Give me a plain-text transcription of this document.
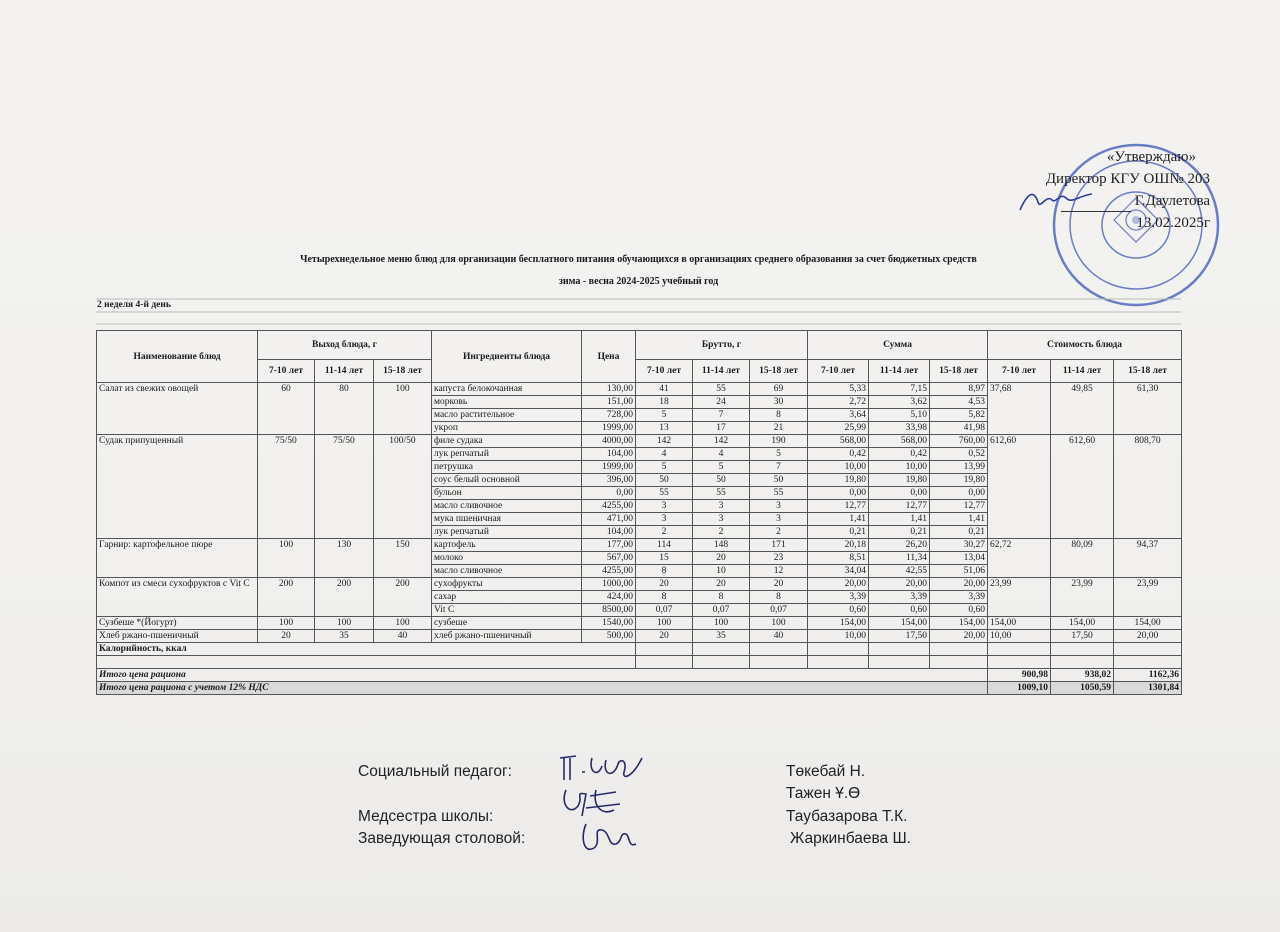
«Утверждаю»
Директор КГУ ОШ№ 203
Г.Даулетова
13.02.2025г
Четырехнедельное меню блюд для организации бесплатного питания обучающихся в организациях среднего образования за счет бюджетных средств
зима - весна 2024-2025 учебный год
2 неделя 4-й день
Наименование блюд	Выход блюда, г			Ингредиенты блюда	Цена	Брутто, г			Сумма			Стоимость блюда		
	7-10 лет	11-14 лет	15-18 лет			7-10 лет	11-14 лет	15-18 лет	7-10 лет	11-14 лет	15-18 лет	7-10 лет	11-14 лет	15-18 лет
Салат из свежих овощей	60	80	100	капуста белокочанная	130,00	41	55	69	5,33	7,15	8,97	37,68	49,85	61,30
				морковь	151,00	18	24	30	2,72	3,62	4,53			
				масло растительное	728,00	5	7	8	3,64	5,10	5,82			
				укроп	1999,00	13	17	21	25,99	33,98	41,98			
Судак припущенный	75/50	75/50	100/50	филе судака	4000,00	142	142	190	568,00	568,00	760,00	612,60	612,60	808,70
				лук репчатый	104,00	4	4	5	0,42	0,42	0,52			
				петрушка	1999,00	5	5	7	10,00	10,00	13,99			
				соус белый основной	396,00	50	50	50	19,80	19,80	19,80			
				бульон	0,00	55	55	55	0,00	0,00	0,00			
				масло сливочное	4255,00	3	3	3	12,77	12,77	12,77			
				мука пшеничная	471,00	3	3	3	1,41	1,41	1,41			
				лук репчатый	104,00	2	2	2	0,21	0,21	0,21			
Гарнир: картофельное пюре	100	130	150	картофель	177,00	114	148	171	20,18	26,20	30,27	62,72	80,09	94,37
				молоко	567,00	15	20	23	8,51	11,34	13,04			
				масло сливочное	4255,00	8	10	12	34,04	42,55	51,06			
Компот из смеси сухофруктов с Vit C	200	200	200	сухофрукты	1000,00	20	20	20	20,00	20,00	20,00	23,99	23,99	23,99
				сахар	424,00	8	8	8	3,39	3,39	3,39			
				Vit C	8500,00	0,07	0,07	0,07	0,60	0,60	0,60			
Сузбеше *(Йогурт)	100	100	100	сузбеше	1540,00	100	100	100	154,00	154,00	154,00	154,00	154,00	154,00
Хлеб ржано-пшеничный	20	35	40	хлеб ржано-пшеничный	500,00	20	35	40	10,00	17,50	20,00	10,00	17,50	20,00
Калорийность, ккал														

Итого цена рациона												900,98	938,02	1162,36
Итого цена рациона с учетом 12% НДС												1009,10	1050,59	1301,84
Социальный педагог:	Төкебай Н.
Тажен Ұ.Ө
Медсестра школы:	Таубазарова Т.К.
Заведующая столовой:	Жаркинбаева Ш.
